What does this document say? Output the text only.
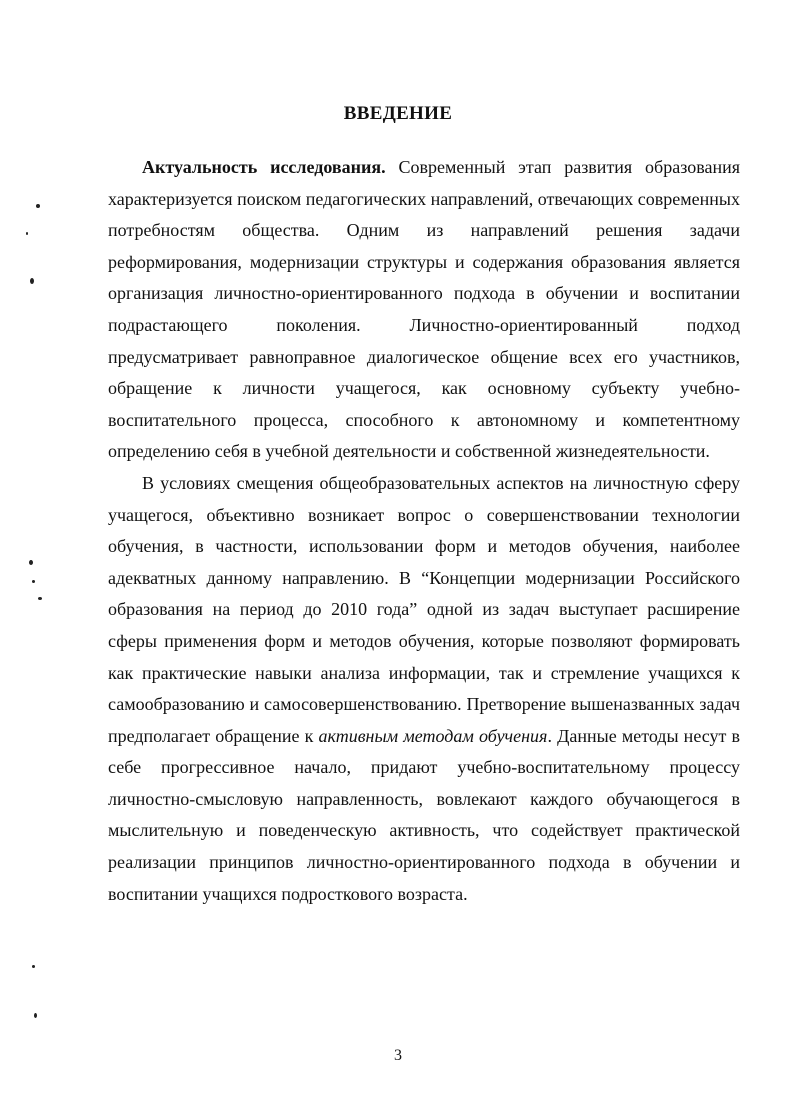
ВВЕДЕНИЕ

Актуальность исследования. Современный этап развития образования характеризуется поиском педагогических направлений, отвечающих современных потребностям общества. Одним из направлений решения задачи реформирования, модернизации структуры и содержания образования является организация личностно-ориентированного подхода в обучении и воспитании подрастающего поколения. Личностно-ориентированный подход предусматривает равноправное диалогическое общение всех его участников, обращение к личности учащегося, как основному субъекту учебно-воспитательного процесса, способного к автономному и компетентному определению себя в учебной деятельности и собственной жизнедеятельности.

В условиях смещения общеобразовательных аспектов на личностную сферу учащегося, объективно возникает вопрос о совершенствовании технологии обучения, в частности, использовании форм и методов обучения, наиболее адекватных данному направлению. В “Концепции модернизации Российского образования на период до 2010 года” одной из задач выступает расширение сферы применения форм и методов обучения, которые позволяют формировать как практические навыки анализа информации, так и стремление учащихся к самообразованию и самосовершенствованию. Претворение вышеназванных задач предполагает обращение к активным методам обучения. Данные методы несут в себе прогрессивное начало, придают учебно-воспитательному процессу личностно-смысловую направленность, вовлекают каждого обучающегося в мыслительную и поведенческую активность, что содействует практической реализации принципов личностно-ориентированного подхода в обучении и воспитании учащихся подросткового возраста.

3
